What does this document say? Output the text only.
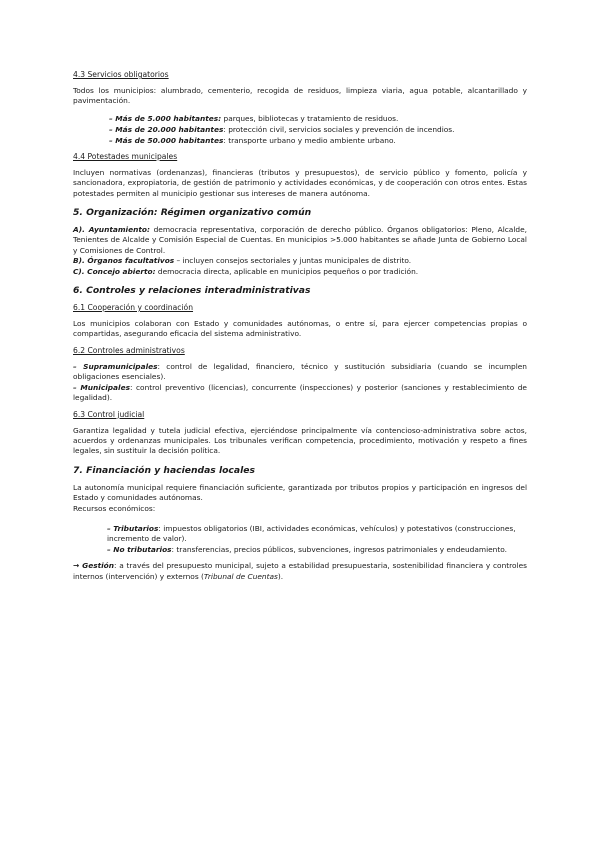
4.3 Servicios obligatorios

Todos los municipios: alumbrado, cementerio, recogida de residuos, limpieza viaria, agua potable, alcantarillado y pavimentación.

– Más de 5.000 habitantes: parques, bibliotecas y tratamiento de residuos.
– Más de 20.000 habitantes: protección civil, servicios sociales y prevención de incendios.
– Más de 50.000 habitantes: transporte urbano y medio ambiente urbano.
4.4 Potestades municipales

Incluyen normativas (ordenanzas), financieras (tributos y presupuestos), de servicio público y fomento, policía y sancionadora, expropiatoria, de gestión de patrimonio y actividades económicas, y de cooperación con otros entes. Estas potestades permiten al municipio gestionar sus intereses de manera autónoma.

5. Organización: Régimen organizativo común

A). Ayuntamiento: democracia representativa, corporación de derecho público. Órganos obligatorios: Pleno, Alcalde, Tenientes de Alcalde y Comisión Especial de Cuentas. En municipios >5.000 habitantes se añade Junta de Gobierno Local y Comisiones de Control.

B). Órganos facultativos – incluyen consejos sectoriales y juntas municipales de distrito.

C). Concejo abierto: democracia directa, aplicable en municipios pequeños o por tradición.

6. Controles y relaciones interadministrativas
6.1 Cooperación y coordinación

Los municipios colaboran con Estado y comunidades autónomas, o entre sí, para ejercer competencias propias o compartidas, asegurando eficacia del sistema administrativo.

6.2 Controles administrativos

– Supramunicipales: control de legalidad, financiero, técnico y sustitución subsidiaria (cuando se incumplen obligaciones esenciales).

– Municipales: control preventivo (licencias), concurrente (inspecciones) y posterior (sanciones y restablecimiento de legalidad).

6.3 Control judicial

Garantiza legalidad y tutela judicial efectiva, ejerciéndose principalmente vía contencioso-administrativa sobre actos, acuerdos y ordenanzas municipales. Los tribunales verifican competencia, procedimiento, motivación y respeto a fines legales, sin sustituir la decisión política.

7. Financiación y haciendas locales

La autonomía municipal requiere financiación suficiente, garantizada por tributos propios y participación en ingresos del Estado y comunidades autónomas.

Recursos económicos:

– Tributarios: impuestos obligatorios (IBI, actividades económicas, vehículos) y potestativos (construcciones, incremento de valor).
– No tributarios: transferencias, precios públicos, subvenciones, ingresos patrimoniales y endeudamiento.

→ Gestión: a través del presupuesto municipal, sujeto a estabilidad presupuestaria, sostenibilidad financiera y controles internos (intervención) y externos (Tribunal de Cuentas).
